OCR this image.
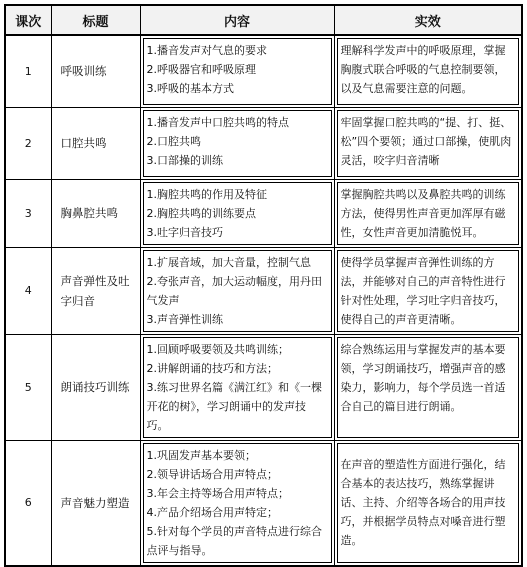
课次	标题	内容	实效
1	呼吸训练	1.播音发声对气息的要求
2.呼吸器官和呼吸原理
3.呼吸的基本方式	理解科学发声中的呼吸原理，掌握胸腹式联合呼吸的气息控制要领，以及气息需要注意的问题。

2	口腔共鸣	1.播音发声中口腔共鸣的特点
2.口腔共鸣
3.口部操的训练	牢固掌握口腔共鸣的“提、打、挺、松”四个要领；通过口部操，使肌肉灵活，咬字归音清晰

3	胸鼻腔共鸣	1.胸腔共鸣的作用及特征
2.胸腔共鸣的训练要点
3.吐字归音技巧	掌握胸腔共鸣以及鼻腔共鸣的训练方法，使得男性声音更加浑厚有磁性，女性声音更加清脆悦耳。

4	声音弹性及吐字归音	1.扩展音域，加大音量，控制气息
2.夸张声音，加大运动幅度，用丹田气发声
3.声音弹性训练	使得学员掌握声音弹性训练的方法，并能够对自己的声音特性进行针对性处理，学习吐字归音技巧，使得自己的声音更清晰。

5	朗诵技巧训练	1.回顾呼吸要领及共鸣训练；
2.讲解朗诵的技巧和方法；
3.练习世界名篇《满江红》和《一棵开花的树》，学习朗诵中的发声技巧。	综合熟练运用与掌握发声的基本要领，学习朗诵技巧，增强声音的感染力，影响力，每个学员选一首适合自己的篇目进行朗诵。

6	声音魅力塑造	1.巩固发声基本要领；
2.领导讲话场合用声特点；
3.年会主持等场合用声特点；
4.产品介绍场合用声特定；
5.针对每个学员的声音特点进行综合点评与指导。	在声音的塑造性方面进行强化，结合基本的表达技巧，熟练掌握讲话、主持、介绍等各场合的用声技巧，并根据学员特点对嗓音进行塑造。
